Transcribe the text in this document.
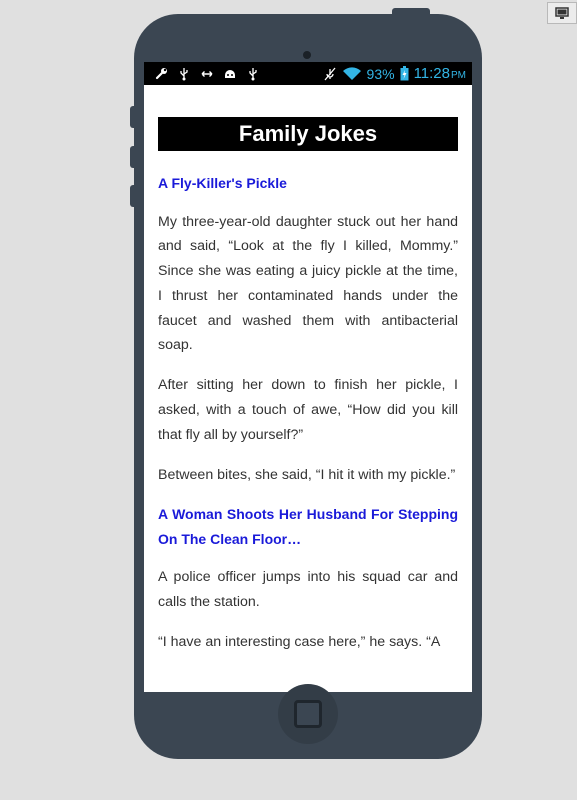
93% 11:28PM
Family Jokes
A Fly-Killer's Pickle

My three-year-old daughter stuck out her hand and said, “Look at the fly I killed, Mommy.” Since she was eating a juicy pickle at the time, I thrust her contaminated hands under the faucet and washed them with antibacterial soap.

After sitting her down to finish her pickle, I asked, with a touch of awe, “How did you kill that fly all by yourself?”

Between bites, she said, “I hit it with my pickle.”

A Woman Shoots Her Husband For Stepping On The Clean Floor…

A police officer jumps into his squad car and calls the station.

“I have an interesting case here,” he says. “A
